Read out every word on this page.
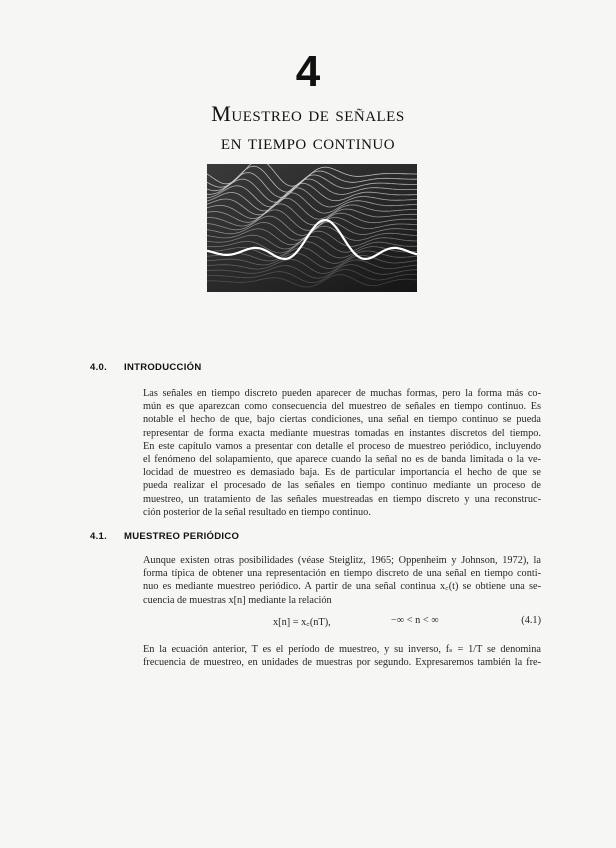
4
Muestreo de señales
en tiempo continuo
4.0. INTRODUCCIÓN
Las señales en tiempo discreto pueden aparecer de muchas formas, pero la forma más co-
mún es que aparezcan como consecuencia del muestreo de señales en tiempo continuo. Es
notable el hecho de que, bajo ciertas condiciones, una señal en tiempo continuo se pueda
representar de forma exacta mediante muestras tomadas en instantes discretos del tiempo.
En este capítulo vamos a presentar con detalle el proceso de muestreo periódico, incluyendo
el fenómeno del solapamiento, que aparece cuando la señal no es de banda limitada o la ve-
locidad de muestreo es demasiado baja. Es de particular importancia el hecho de que se
pueda realizar el procesado de las señales en tiempo continuo mediante un proceso de
muestreo, un tratamiento de las señales muestreadas en tiempo discreto y una reconstruc-
ción posterior de la señal resultado en tiempo continuo.
4.1. MUESTREO PERIÓDICO
Aunque existen otras posibilidades (véase Steiglitz, 1965; Oppenheim y Johnson, 1972), la
forma típica de obtener una representación en tiempo discreto de una señal en tiempo conti-
nuo es mediante muestreo periódico. A partir de una señal continua x꜀(t) se obtiene una se-
cuencia de muestras x[n] mediante la relación
x[n] = x꜀(nT),	−∞ < n < ∞	(4.1)
En la ecuación anterior, T es el período de muestreo, y su inverso, fₛ = 1/T se denomina
frecuencia de muestreo, en unidades de muestras por segundo. Expresaremos también la fre-
